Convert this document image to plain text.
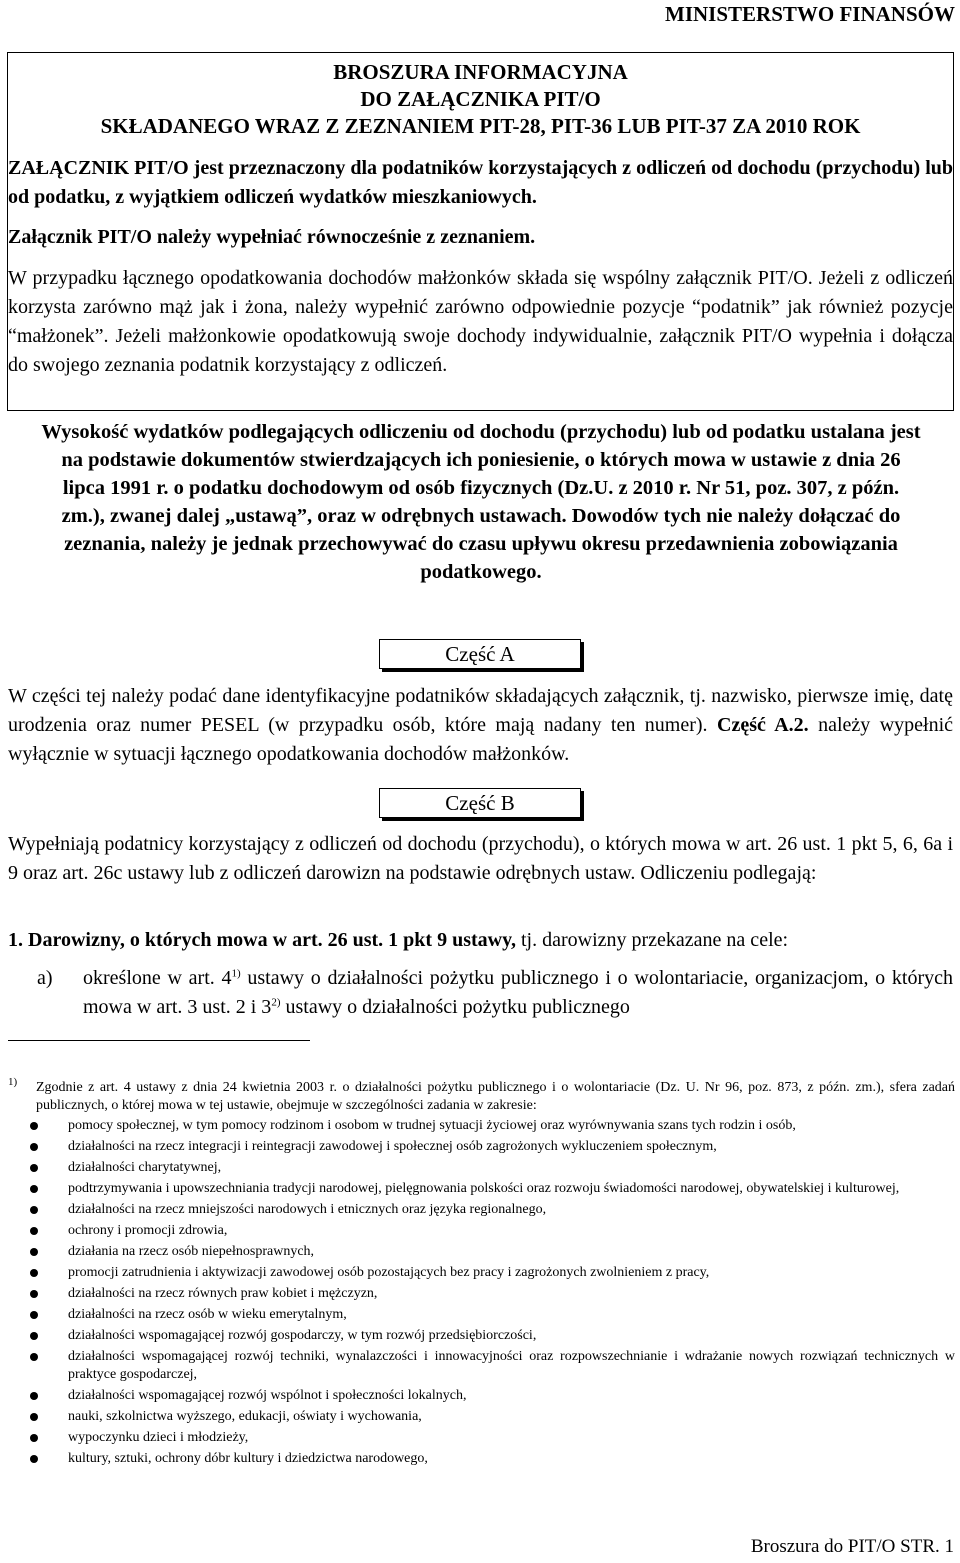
MINISTERSTWO FINANSÓW
BROSZURA INFORMACYJNA
DO ZAŁĄCZNIKA PIT/O
SKŁADANEGO WRAZ Z ZEZNANIEM PIT-28, PIT-36 LUB PIT-37 ZA 2010 ROK

ZAŁĄCZNIK PIT/O jest przeznaczony dla podatników korzystających z odliczeń od dochodu (przychodu) lub od podatku, z wyjątkiem odliczeń wydatków mieszkaniowych.

Załącznik PIT/O należy wypełniać równocześnie z zeznaniem.

W przypadku łącznego opodatkowania dochodów małżonków składa się wspólny załącznik PIT/O. Jeżeli z odliczeń korzysta zarówno mąż jak i żona, należy wypełnić zarówno odpowiednie pozycje “podatnik” jak również pozycje “małżonek”. Jeżeli małżonkowie opodatkowują swoje dochody indywidualnie, załącznik PIT/O wypełnia i dołącza do swojego zeznania podatnik korzystający z odliczeń.

Wysokość wydatków podlegających odliczeniu od dochodu (przychodu) lub od podatku ustalana jest na podstawie dokumentów stwierdzających ich poniesienie, o których mowa w ustawie z dnia 26 lipca 1991 r. o podatku dochodowym od osób fizycznych (Dz.U. z 2010 r. Nr 51, poz. 307, z późn. zm.), zwanej dalej „ustawą”, oraz w odrębnych ustawach. Dowodów tych nie należy dołączać do zeznania, należy je jednak przechowywać do czasu upływu okresu przedawnienia zobowiązania podatkowego.
Część A

W części tej należy podać dane identyfikacyjne podatników składających załącznik, tj. nazwisko, pierwsze imię, datę urodzenia oraz numer PESEL (w przypadku osób, które mają nadany ten numer). Część A.2. należy wypełnić wyłącznie w sytuacji łącznego opodatkowania dochodów małżonków.

Część B

Wypełniają podatnicy korzystający z odliczeń od dochodu (przychodu), o których mowa w art. 26 ust. 1 pkt 5, 6, 6a i 9 oraz art. 26c ustawy lub z odliczeń darowizn na podstawie odrębnych ustaw. Odliczeniu podlegają:

1. Darowizny, o których mowa w art. 26 ust. 1 pkt 9 ustawy, tj. darowizny przekazane na cele:

a)	określone w art. 4$^{1)}$ ustawy o działalności pożytku publicznego i o wolontariacie, organizacjom, o których mowa w art. 3 ust. 2 i 3$^{2)}$ ustawy o działalności pożytku publicznego

1)	Zgodnie z art. 4 ustawy z dnia 24 kwietnia 2003 r. o działalności pożytku publicznego i o wolontariacie (Dz. U. Nr 96, poz. 873, z późn. zm.), sfera zadań publicznych, o której mowa w tej ustawie, obejmuje w szczególności zadania w zakresie:
pomocy społecznej, w tym pomocy rodzinom i osobom w trudnej sytuacji życiowej oraz wyrównywania szans tych rodzin i osób,
działalności na rzecz integracji i reintegracji zawodowej i społecznej osób zagrożonych wykluczeniem społecznym,
działalności charytatywnej,
podtrzymywania i upowszechniania tradycji narodowej, pielęgnowania polskości oraz rozwoju świadomości narodowej, obywatelskiej i kulturowej,
działalności na rzecz mniejszości narodowych i etnicznych oraz języka regionalnego,
ochrony i promocji zdrowia,
działania na rzecz osób niepełnosprawnych,
promocji zatrudnienia i aktywizacji zawodowej osób pozostających bez pracy i zagrożonych zwolnieniem z pracy,
działalności na rzecz równych praw kobiet i mężczyzn,
działalności na rzecz osób w wieku emerytalnym,
działalności wspomagającej rozwój gospodarczy, w tym rozwój przedsiębiorczości,
działalności wspomagającej rozwój techniki, wynalazczości i innowacyjności oraz rozpowszechnianie i wdrażanie nowych rozwiązań technicznych w praktyce gospodarczej,
działalności wspomagającej rozwój wspólnot i społeczności lokalnych,
nauki, szkolnictwa wyższego, edukacji, oświaty i wychowania,
wypoczynku dzieci i młodzieży,
kultury, sztuki, ochrony dóbr kultury i dziedzictwa narodowego,
Broszura do PIT/O STR. 1
